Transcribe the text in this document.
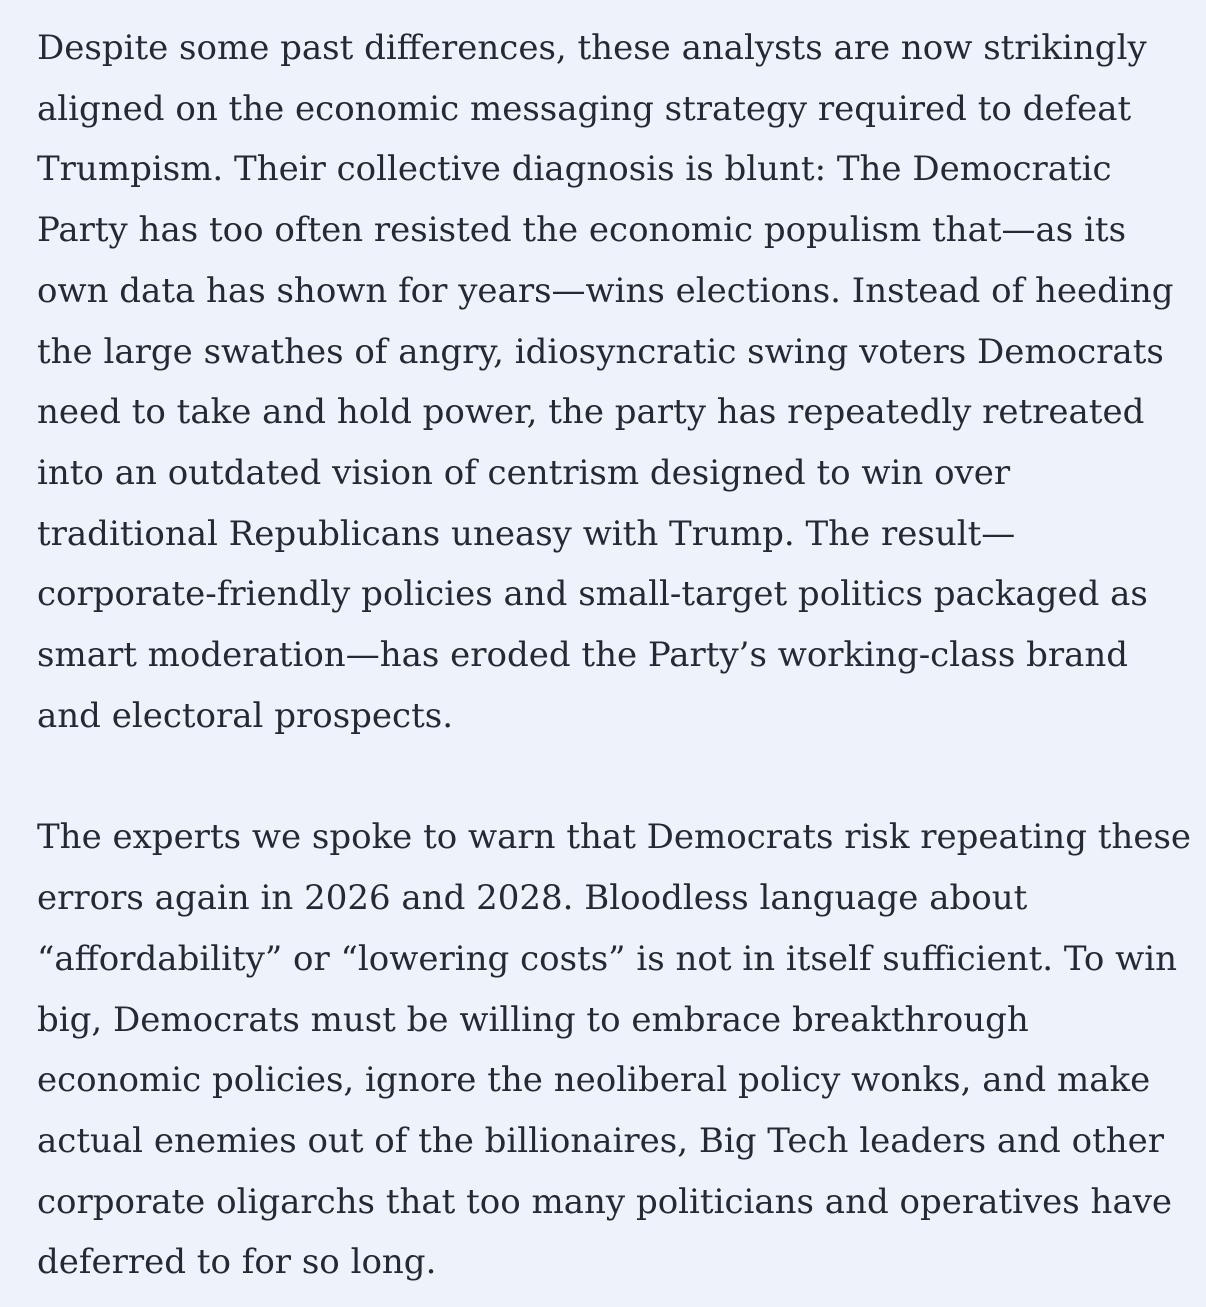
Despite some past differences, these analysts are now strikingly
aligned on the economic messaging strategy required to defeat
Trumpism. Their collective diagnosis is blunt: The Democratic
Party has too often resisted the economic populism that—as its
own data has shown for years—wins elections. Instead of heeding
the large swathes of angry, idiosyncratic swing voters Democrats
need to take and hold power, the party has repeatedly retreated
into an outdated vision of centrism designed to win over
traditional Republicans uneasy with Trump. The result—
corporate-friendly policies and small-target politics packaged as
smart moderation—has eroded the Party’s working-class brand
and electoral prospects.

The experts we spoke to warn that Democrats risk repeating these
errors again in 2026 and 2028. Bloodless language about
“affordability” or “lowering costs” is not in itself sufficient. To win
big, Democrats must be willing to embrace breakthrough
economic policies, ignore the neoliberal policy wonks, and make
actual enemies out of the billionaires, Big Tech leaders and other
corporate oligarchs that too many politicians and operatives have
deferred to for so long.
